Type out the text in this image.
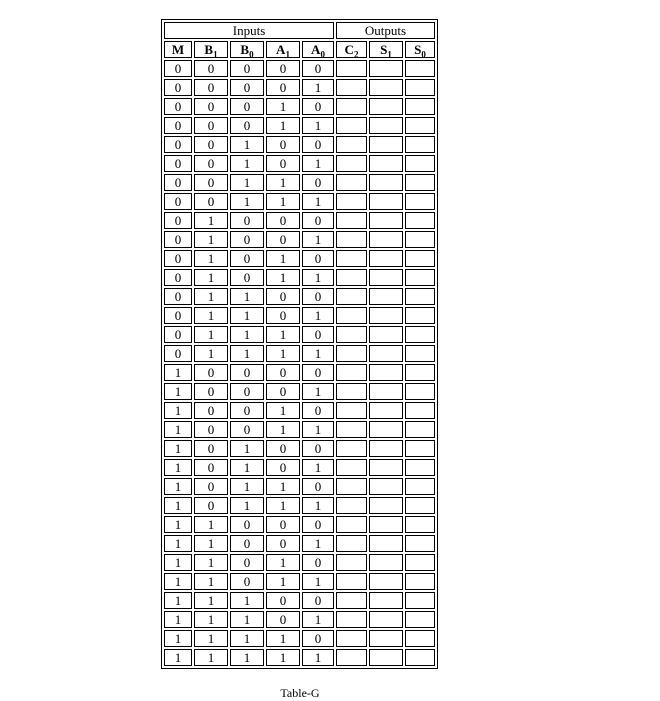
Inputs					Outputs		
M	$B_1$	$B_0$	$A_1$	$A_0$	$C_2$	$S_1$	$S_0$
0	0	0	0	0			
0	0	0	0	1			
0	0	0	1	0			
0	0	0	1	1			
0	0	1	0	0			
0	0	1	0	1			
0	0	1	1	0			
0	0	1	1	1			
0	1	0	0	0			
0	1	0	0	1			
0	1	0	1	0			
0	1	0	1	1			
0	1	1	0	0			
0	1	1	0	1			
0	1	1	1	0			
0	1	1	1	1			
1	0	0	0	0			
1	0	0	0	1			
1	0	0	1	0			
1	0	0	1	1			
1	0	1	0	0			
1	0	1	0	1			
1	0	1	1	0			
1	0	1	1	1			
1	1	0	0	0			
1	1	0	0	1			
1	1	0	1	0			
1	1	0	1	1			
1	1	1	0	0			
1	1	1	0	1			
1	1	1	1	0			
1	1	1	1	1			
Table-G
